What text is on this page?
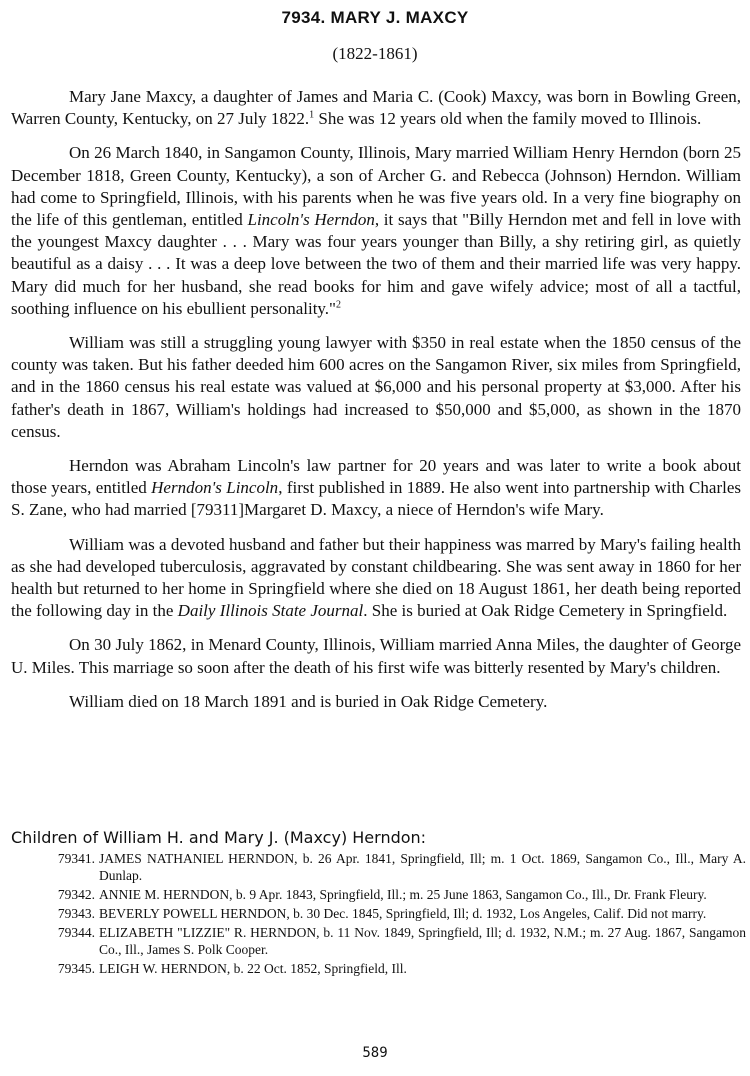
7934. MARY J. MAXCY
(1822-1861)

Mary Jane Maxcy, a daughter of James and Maria C. (Cook) Maxcy, was born in Bowling Green, Warren County, Kentucky, on 27 July 1822.$^1$ She was 12 years old when the family moved to Illinois.

On 26 March 1840, in Sangamon County, Illinois, Mary married William Henry Herndon (born 25 December 1818, Green County, Kentucky), a son of Archer G. and Rebecca (Johnson) Herndon. William had come to Springfield, Illinois, with his parents when he was five years old. In a very fine biography on the life of this gentleman, entitled Lincoln's Herndon, it says that "Billy Herndon met and fell in love with the youngest Maxcy daughter . . . Mary was four years younger than Billy, a shy retiring girl, as quietly beautiful as a daisy . . . It was a deep love between the two of them and their married life was very happy. Mary did much for her husband, she read books for him and gave wifely advice; most of all a tactful, soothing influence on his ebullient personality."$^2$

William was still a struggling young lawyer with $350 in real estate when the 1850 census of the county was taken. But his father deeded him 600 acres on the Sangamon River, six miles from Springfield, and in the 1860 census his real estate was valued at $6,000 and his personal property at $3,000. After his father's death in 1867, William's holdings had increased to $50,000 and $5,000, as shown in the 1870 census.

Herndon was Abraham Lincoln's law partner for 20 years and was later to write a book about those years, entitled Herndon's Lincoln, first published in 1889. He also went into partnership with Charles S. Zane, who had married [79311]Margaret D. Maxcy, a niece of Herndon's wife Mary.

William was a devoted husband and father but their happiness was marred by Mary's failing health as she had developed tuberculosis, aggravated by constant childbearing. She was sent away in 1860 for her health but returned to her home in Springfield where she died on 18 August 1861, her death being reported the following day in the Daily Illinois State Journal. She is buried at Oak Ridge Cemetery in Springfield.

On 30 July 1862, in Menard County, Illinois, William married Anna Miles, the daughter of George U. Miles. This marriage so soon after the death of his first wife was bitterly resented by Mary's children.

William died on 18 March 1891 and is buried in Oak Ridge Cemetery.

Children of William H. and Mary J. (Maxcy) Herndon:
79341. JAMES NATHANIEL HERNDON, b. 26 Apr. 1841, Springfield, Ill; m. 1 Oct. 1869, Sangamon Co., Ill., Mary A. Dunlap.
79342. ANNIE M. HERNDON, b. 9 Apr. 1843, Springfield, Ill.; m. 25 June 1863, Sangamon Co., Ill., Dr. Frank Fleury.
79343. BEVERLY POWELL HERNDON, b. 30 Dec. 1845, Springfield, Ill; d. 1932, Los Angeles, Calif. Did not marry.
79344. ELIZABETH "LIZZIE" R. HERNDON, b. 11 Nov. 1849, Springfield, Ill; d. 1932, N.M.; m. 27 Aug. 1867, Sangamon Co., Ill., James S. Polk Cooper.
79345. LEIGH W. HERNDON, b. 22 Oct. 1852, Springfield, Ill.
589
